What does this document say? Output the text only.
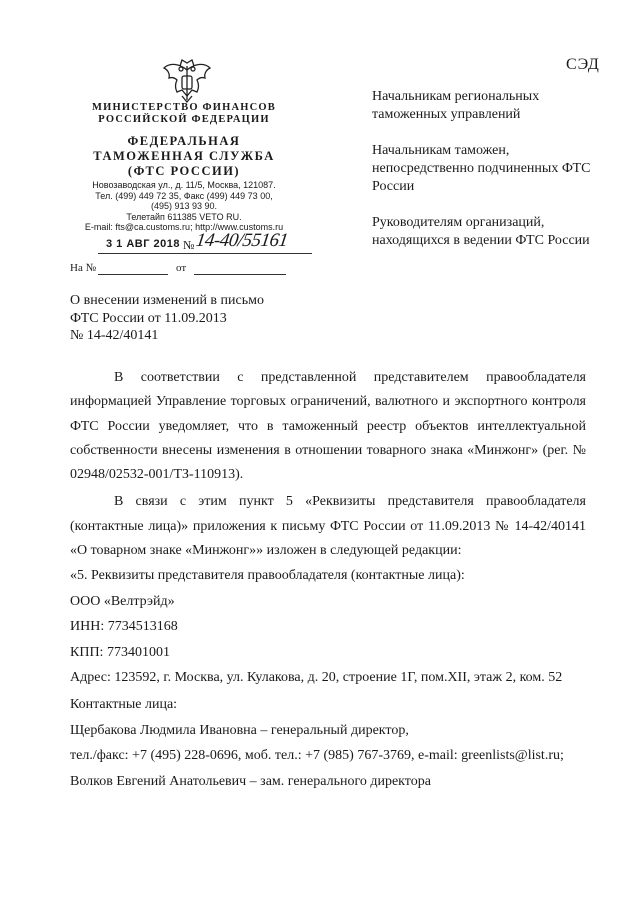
СЭД
МИНИСТЕРСТВО ФИНАНСОВ
РОССИЙСКОЙ ФЕДЕРАЦИИ
ФЕДЕРАЛЬНАЯ
ТАМОЖЕННАЯ СЛУЖБА
(ФТС РОССИИ)
Новозаводская ул., д. 11/5, Москва, 121087.
Тел. (499) 449 72 35, Факс (499) 449 73 00,
(495) 913 93 90.
Телетайп 611385 VETO RU.
E-mail: fts@ca.customs.ru; http://www.customs.ru
3 1 АВГ 2018 № 14-40/55161
На №	от

Начальникам региональных таможенных управлений

Начальникам таможен, непосредственно подчиненных ФТС России

Руководителям организаций, находящихся в ведении ФТС России

О внесении изменений в письмо
ФТС России от 11.09.2013
№ 14-42/40141

В соответствии с представленной представителем правообладателя информацией Управление торговых ограничений, валютного и экспортного контроля ФТС России уведомляет, что в таможенный реестр объектов интеллектуальной собственности внесены изменения в отношении товарного знака «Минжонг» (рег. № 02948/02532-001/ТЗ-110913).

В связи с этим пункт 5 «Реквизиты представителя правообладателя (контактные лица)» приложения к письму ФТС России от 11.09.2013 № 14-42/40141 «О товарном знаке «Минжонг»» изложен в следующей редакции:

«5. Реквизиты представителя правообладателя (контактные лица):

ООО «Велтрэйд»

ИНН: 7734513168

КПП: 773401001

Адрес: 123592, г. Москва, ул. Кулакова, д. 20, строение 1Г, пом.XII, этаж 2, ком. 52

Контактные лица:

Щербакова Людмила Ивановна – генеральный директор,

тел./факс: +7 (495) 228-0696, моб. тел.: +7 (985) 767-3769, e-mail: greenlists@list.ru;

Волков Евгений Анатольевич – зам. генерального директора
